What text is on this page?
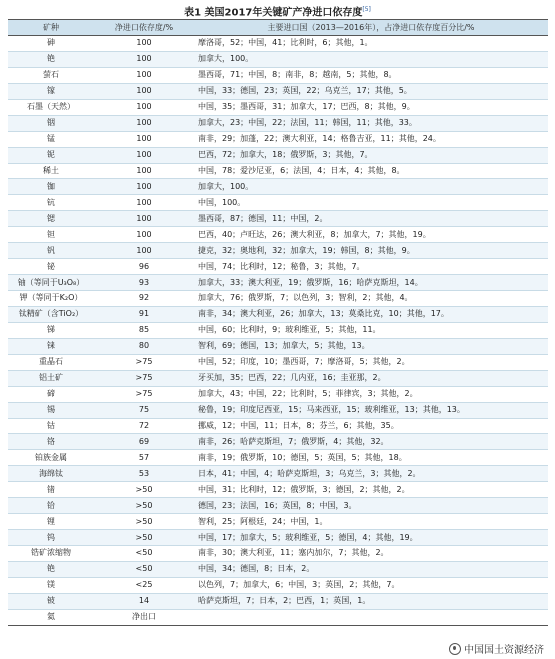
表1 美国2017年关键矿产净进口依存度[5]
矿种	净进口依存度/%	主要进口国（2013—2016年），占净进口依存度百分比/%
砷	100	摩洛哥，52；中国，41；比利时，6；其他，1。
铯	100	加拿大，100。
萤石	100	墨西哥，71；中国，8；南非，8；越南，5；其他，8。
镓	100	中国，33；德国，23；英国，22；乌克兰，17；其他，5。
石墨（天然）	100	中国，35；墨西哥，31；加拿大，17；巴西，8；其他，9。
铟	100	加拿大，23；中国，22；法国，11；韩国，11；其他，33。
锰	100	南非，29；加蓬，22；澳大利亚，14；格鲁吉亚，11；其他，24。
铌	100	巴西，72；加拿大，18；俄罗斯，3；其他，7。
稀土	100	中国，78；爱沙尼亚，6；法国，4；日本，4；其他，8。
铷	100	加拿大，100。
钪	100	中国，100。
锶	100	墨西哥，87；德国，11；中国，2。
钽	100	巴西，40；卢旺达，26；澳大利亚，8；加拿大，7；其他，19。
钒	100	捷克，32；奥地利，32；加拿大，19；韩国，8；其他，9。
铋	96	中国，74；比利时，12；秘鲁，3；其他，7。
铀（等同于U₃O₈）	93	加拿大，33；澳大利亚，19；俄罗斯，16；哈萨克斯坦，14。
钾（等同于K₂O）	92	加拿大，76；俄罗斯，7；以色列，3；智利，2；其他，4。
钛精矿（含TiO₂）	91	南非，34；澳大利亚，26；加拿大，13；莫桑比克，10；其他，17。
锑	85	中国，60；比利时，9；玻利维亚，5；其他，11。
铼	80	智利，69；德国，13；加拿大，5；其他，13。
重晶石	>75	中国，52；印度，10；墨西哥，7；摩洛哥，5；其他，2。
铝土矿	>75	牙买加，35；巴西，22；几内亚，16；圭亚那，2。
碲	>75	加拿大，43；中国，22；比利时，5；菲律宾，3；其他，2。
锡	75	秘鲁，19；印度尼西亚，15；马来西亚，15；玻利维亚，13；其他，13。
钴	72	挪威，12；中国，11；日本，8；芬兰，6；其他，35。
铬	69	南非，26；哈萨克斯坦，7；俄罗斯，4；其他，32。
铂族金属	57	南非，19；俄罗斯，10；德国，5；英国，5；其他，18。
海绵钛	53	日本，41；中国，4；哈萨克斯坦，3；乌克兰，3；其他，2。
锗	>50	中国，31；比利时，12；俄罗斯，3；德国，2；其他，2。
铪	>50	德国，23；法国，16；英国，8；中国，3。
锂	>50	智利，25；阿根廷，24；中国，1。
钨	>50	中国，17；加拿大，5；玻利维亚，5；德国，4；其他，19。
锆矿浓缩物	<50	南非，30；澳大利亚，11；塞内加尔，7；其他，2。
铯	<50	中国，34；德国，8；日本，2。
镁	<25	以色列，7；加拿大，6；中国，3；英国，2；其他，7。
铍	14	哈萨克斯坦，7；日本，2；巴西，1；英国，1。
氦	净出口	
中国国土资源经济
